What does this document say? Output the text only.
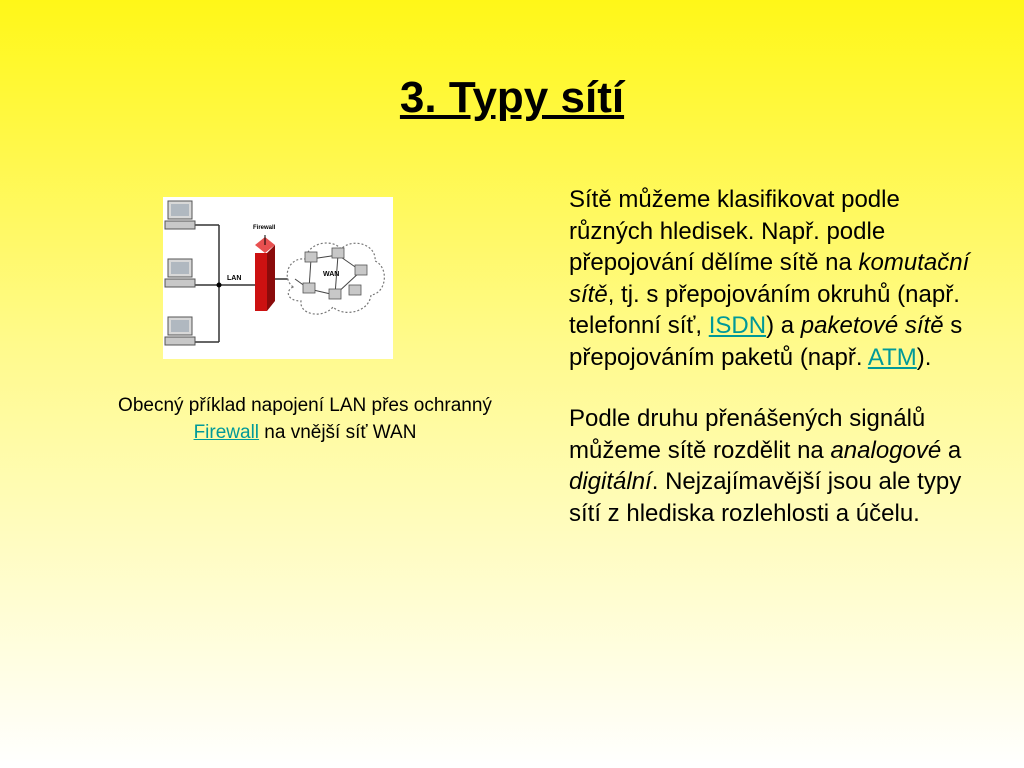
3. Typy sítí
LAN
Firewall
WAN
Obecný příklad napojení LAN přes ochranný Firewall na vnější síť WAN

Sítě můžeme klasifikovat podle různých hledisek. Např. podle přepojování dělíme sítě na komutační sítě, tj. s přepojováním okruhů (např. telefonní síť, ISDN) a paketové sítě s přepojováním paketů (např. ATM).

Podle druhu přenášených signálů můžeme sítě rozdělit na analogové a digitální. Nejzajímavější jsou ale typy sítí z hlediska rozlehlosti a účelu.
